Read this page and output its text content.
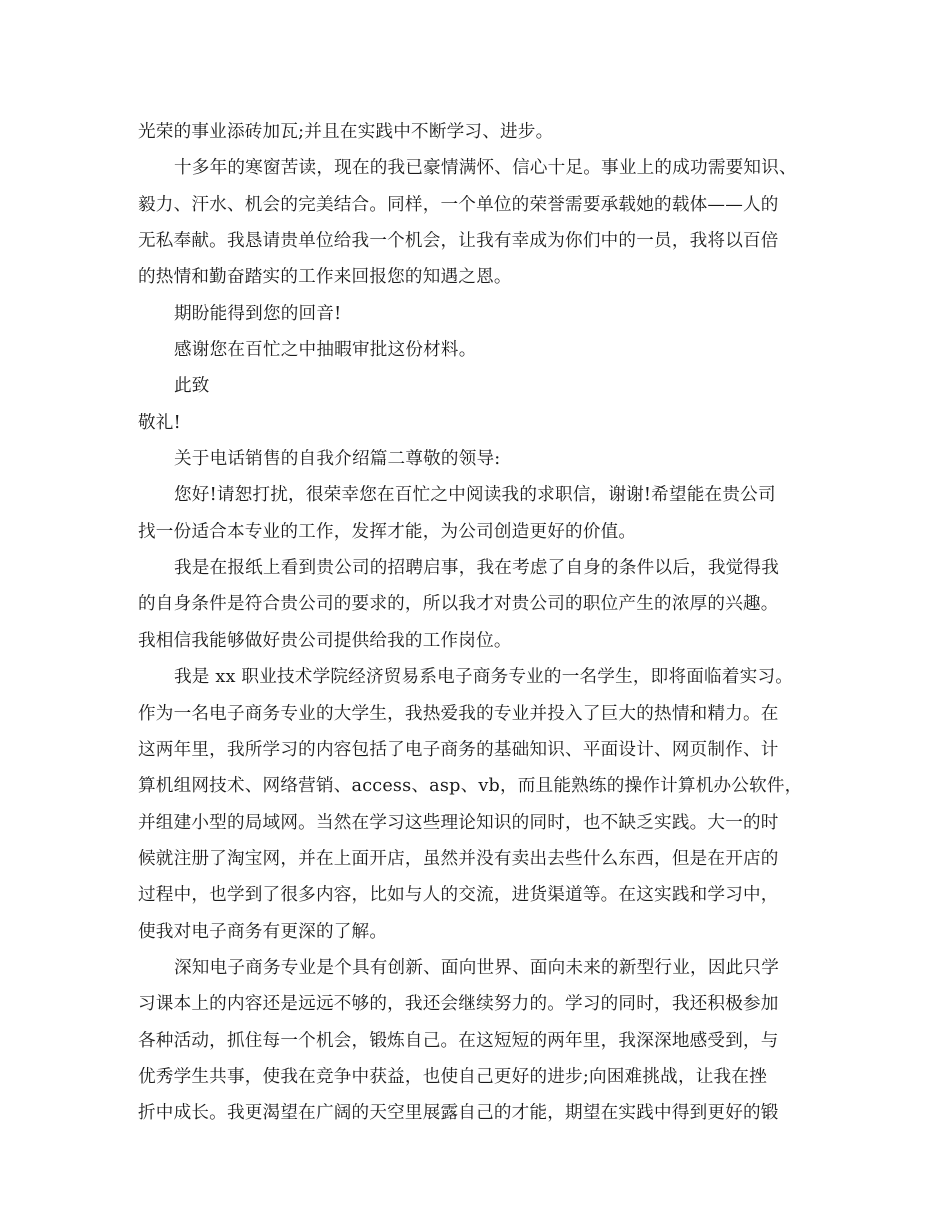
光荣的事业添砖加瓦;并且在实践中不断学习、进步。
十多年的寒窗苦读，现在的我已豪情满怀、信心十足。事业上的成功需要知识、
毅力、汗水、机会的完美结合。同样，一个单位的荣誉需要承载她的载体——人的
无私奉献。我恳请贵单位给我一个机会，让我有幸成为你们中的一员，我将以百倍
的热情和勤奋踏实的工作来回报您的知遇之恩。
期盼能得到您的回音!
感谢您在百忙之中抽暇审批这份材料。
此致
敬礼!
关于电话销售的自我介绍篇二尊敬的领导:
您好!请恕打扰，很荣幸您在百忙之中阅读我的求职信，谢谢!希望能在贵公司
找一份适合本专业的工作，发挥才能，为公司创造更好的价值。
我是在报纸上看到贵公司的招聘启事，我在考虑了自身的条件以后，我觉得我
的自身条件是符合贵公司的要求的，所以我才对贵公司的职位产生的浓厚的兴趣。
我相信我能够做好贵公司提供给我的工作岗位。
我是 xx 职业技术学院经济贸易系电子商务专业的一名学生，即将面临着实习。
作为一名电子商务专业的大学生，我热爱我的专业并投入了巨大的热情和精力。在
这两年里，我所学习的内容包括了电子商务的基础知识、平面设计、网页制作、计
算机组网技术、网络营销、access、asp、vb，而且能熟练的操作计算机办公软件，
并组建小型的局域网。当然在学习这些理论知识的同时，也不缺乏实践。大一的时
候就注册了淘宝网，并在上面开店，虽然并没有卖出去些什么东西，但是在开店的
过程中，也学到了很多内容，比如与人的交流，进货渠道等。在这实践和学习中，
使我对电子商务有更深的了解。
深知电子商务专业是个具有创新、面向世界、面向未来的新型行业，因此只学
习课本上的内容还是远远不够的，我还会继续努力的。学习的同时，我还积极参加
各种活动，抓住每一个机会，锻炼自己。在这短短的两年里，我深深地感受到，与
优秀学生共事，使我在竞争中获益，也使自己更好的进步;向困难挑战，让我在挫
折中成长。我更渴望在广阔的天空里展露自己的才能，期望在实践中得到更好的锻
